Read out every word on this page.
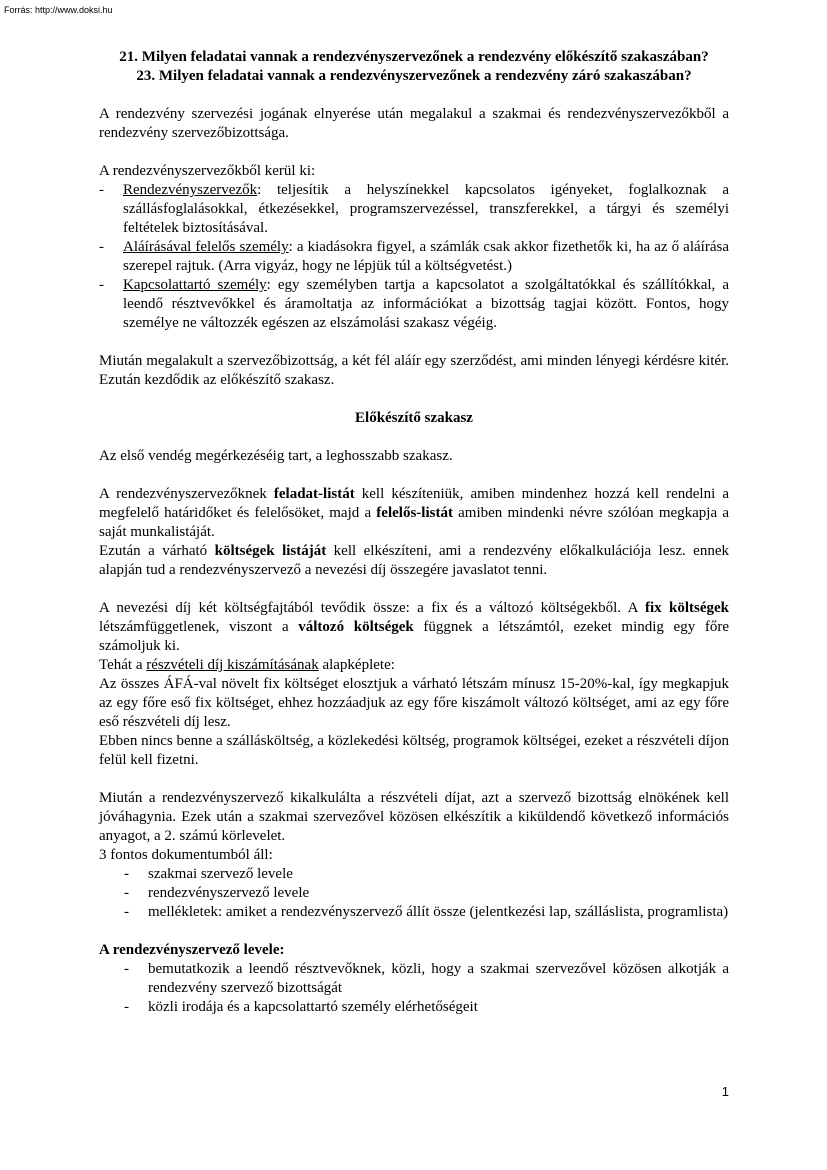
Forrás: http://www.doksi.hu
21. Milyen feladatai vannak a rendezvényszervezőnek a rendezvény előkészítő szakaszában?
23. Milyen feladatai vannak a rendezvényszervezőnek a rendezvény záró szakaszában?

A rendezvény szervezési jogának elnyerése után megalakul a szakmai és rendezvényszervezőkből a rendezvény szervezőbizottsága.

A rendezvényszervezőkből kerül ki:

- Rendezvényszervezők: teljesítik a helyszínekkel kapcsolatos igényeket, foglalkoznak a szállásfoglalásokkal, étkezésekkel, programszervezéssel, transzferekkel, a tárgyi és személyi feltételek biztosításával.
- Aláírásával felelős személy: a kiadásokra figyel, a számlák csak akkor fizethetők ki, ha az ő aláírása szerepel rajtuk. (Arra vigyáz, hogy ne lépjük túl a költségvetést.)
- Kapcsolattartó személy: egy személyben tartja a kapcsolatot a szolgáltatókkal és szállítókkal, a leendő résztvevőkkel és áramoltatja az információkat a bizottság tagjai között. Fontos, hogy személye ne változzék egészen az elszámolási szakasz végéig.

Miután megalakult a szervezőbizottság, a két fél aláír egy szerződést, ami minden lényegi kérdésre kitér. Ezután kezdődik az előkészítő szakasz.

Előkészítő szakasz

Az első vendég megérkezéséig tart, a leghosszabb szakasz.

A rendezvényszervezőknek feladat-listát kell készíteniük, amiben mindenhez hozzá kell rendelni a megfelelő határidőket és felelősöket, majd a felelős-listát amiben mindenki névre szólóan megkapja a saját munkalistáját.

Ezután a várható költségek listáját kell elkészíteni, ami a rendezvény előkalkulációja lesz. ennek alapján tud a rendezvényszervező a nevezési díj összegére javaslatot tenni.

A nevezési díj két költségfajtából tevődik össze: a fix és a változó költségekből. A fix költségek létszámfüggetlenek, viszont a változó költségek függnek a létszámtól, ezeket mindig egy főre számoljuk ki.

Tehát a részvételi díj kiszámításának alapképlete:

Az összes ÁFÁ-val növelt fix költséget elosztjuk a várható létszám mínusz 15-20%-kal, így megkapjuk az egy főre eső fix költséget, ehhez hozzáadjuk az egy főre kiszámolt változó költséget, ami az egy főre eső részvételi díj lesz.

Ebben nincs benne a szállásköltség, a közlekedési költség, programok költségei, ezeket a részvételi díjon felül kell fizetni.

Miután a rendezvényszervező kikalkulálta a részvételi díjat, azt a szervező bizottság elnökének kell jóváhagynia. Ezek után a szakmai szervezővel közösen elkészítik a kiküldendő következő információs anyagot, a 2. számú körlevelet.

3 fontos dokumentumból áll:

- szakmai szervező levele
- rendezvényszervező levele
- mellékletek: amiket a rendezvényszervező állít össze (jelentkezési lap, szálláslista, programlista)

A rendezvényszervező levele:

- bemutatkozik a leendő résztvevőknek, közli, hogy a szakmai szervezővel közösen alkotják a rendezvény szervező bizottságát
- közli irodája és a kapcsolattartó személy elérhetőségeit
1
